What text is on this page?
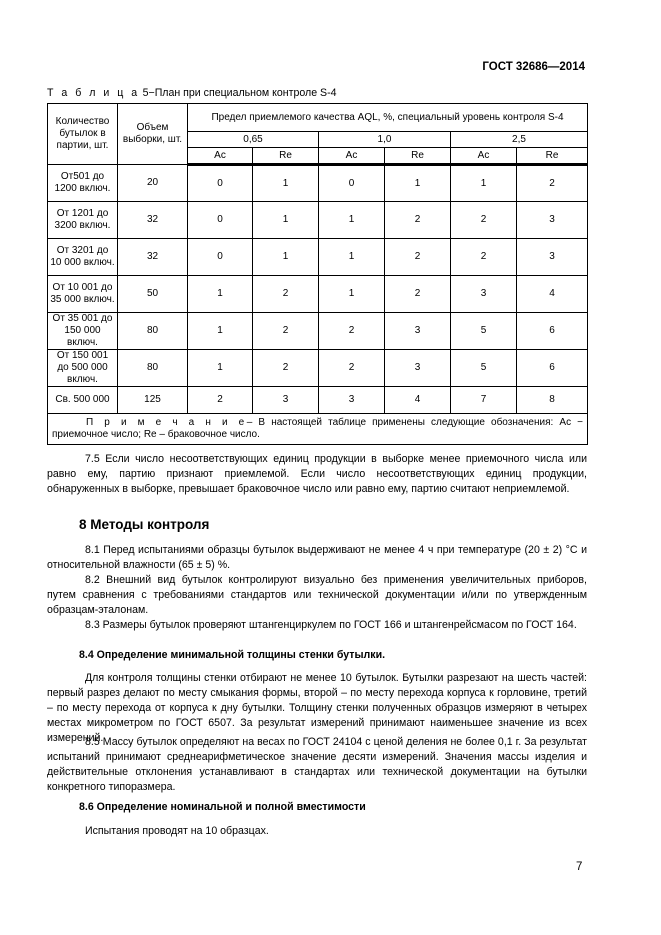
ГОСТ 32686—2014
Т а б л и ц а 5−План при специальном контроле S-4
Количество бутылок в партии, шт.	Объем выборки, шт.	Предел приемлемого качества AQL, %, специальный уровень контроля S-4					
		0,65		1,0		2,5	
		Ac	Re	Ac	Re	Ac	Re
От501 до 1200 включ.	20	0	1	0	1	1	2
От 1201 до 3200 включ.	32	0	1	1	2	2	3
От 3201 до 10 000 включ.	32	0	1	1	2	2	3
От 10 001 до 35 000 включ.	50	1	2	1	2	3	4
От 35 001 до 150 000 включ.	80	1	2	2	3	5	6
От 150 001 до 500 000 включ.	80	1	2	2	3	5	6
Св. 500 000	125	2	3	3	4	7	8
П р и м е ч а н и е– В настоящей таблице применены следующие обозначения: Ac − приемочное число; Re – браковочное число.							
7.5 Если число несоответствующих единиц продукции в выборке менее приемочного числа или равно ему, партию признают приемлемой. Если число несоответствующих единиц продукции, обнаруженных в выборке, превышает браковочное число или равно ему, партию считают неприемлемой.
8 Методы контроля
8.1 Перед испытаниями образцы бутылок выдерживают не менее 4 ч при температуре (20 ± 2) °С и относительной влажности (65 ± 5) %.
8.2 Внешний вид бутылок контролируют визуально без применения увеличительных приборов, путем сравнения с требованиями стандартов или технической документации и/или по утвержденным образцам-эталонам.
8.3 Размеры бутылок проверяют штангенциркулем по ГОСТ 166 и штангенрейсмасом по ГОСТ 164.
8.4 Определение минимальной толщины стенки бутылки.
Для контроля толщины стенки отбирают не менее 10 бутылок. Бутылки разрезают на шесть частей: первый разрез делают по месту смыкания формы, второй – по месту перехода корпуса к горловине, третий – по месту перехода от корпуса к дну бутылки. Толщину стенки полученных образцов измеряют в четырех местах микрометром по ГОСТ 6507. За результат измерений принимают наименьшее значение из всех измерений.
8.5 Массу бутылок определяют на весах по ГОСТ 24104 с ценой деления не более 0,1 г. За результат испытаний принимают среднеарифметическое значение десяти измерений. Значения массы изделия и действительные отклонения устанавливают в стандартах или технической документации на бутылки конкретного типоразмера.
8.6 Определение номинальной и полной вместимости
Испытания проводят на 10 образцах.
7
